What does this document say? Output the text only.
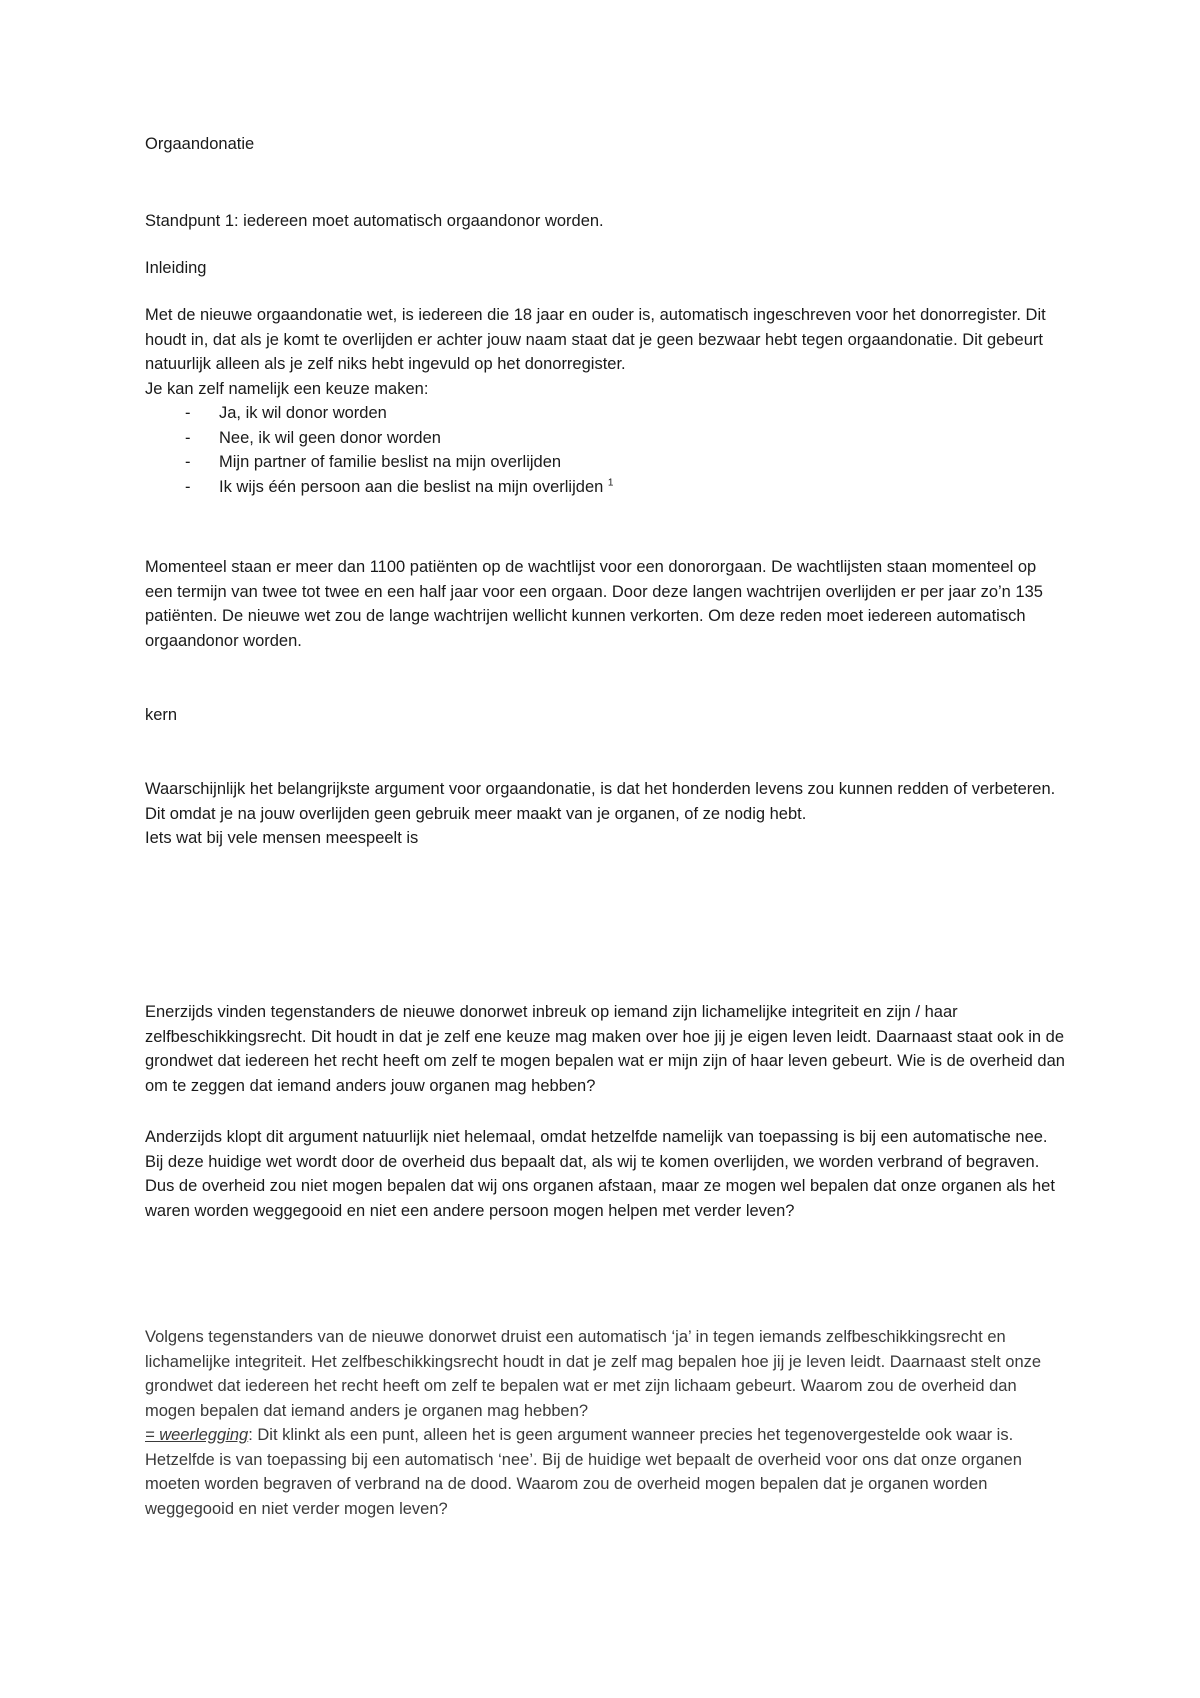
Orgaandonatie

Standpunt 1: iedereen moet automatisch orgaandonor worden.

Inleiding

Met de nieuwe orgaandonatie wet, is iedereen die 18 jaar en ouder is, automatisch ingeschreven voor het donorregister. Dit houdt in, dat als je komt te overlijden er achter jouw naam staat dat je geen bezwaar hebt tegen orgaandonatie. Dit gebeurt natuurlijk alleen als je zelf niks hebt ingevuld op het donorregister.

Je kan zelf namelijk een keuze maken:

- Ja, ik wil donor worden
- Nee, ik wil geen donor worden
- Mijn partner of familie beslist na mijn overlijden
- Ik wijs één persoon aan die beslist na mijn overlijden $^1$

Momenteel staan er meer dan 1100 patiënten op de wachtlijst voor een donororgaan. De wachtlijsten staan momenteel op een termijn van twee tot twee en een half jaar voor een orgaan. Door deze langen wachtrijen overlijden er per jaar zo’n 135 patiënten. De nieuwe wet zou de lange wachtrijen wellicht kunnen verkorten. Om deze reden moet iedereen automatisch orgaandonor worden.

kern

Waarschijnlijk het belangrijkste argument voor orgaandonatie, is dat het honderden levens zou kunnen redden of verbeteren. Dit omdat je na jouw overlijden geen gebruik meer maakt van je organen, of ze nodig hebt.

Iets wat bij vele mensen meespeelt is

Enerzijds vinden tegenstanders de nieuwe donorwet inbreuk op iemand zijn lichamelijke integriteit en zijn / haar zelfbeschikkingsrecht. Dit houdt in dat je zelf ene keuze mag maken over hoe jij je eigen leven leidt. Daarnaast staat ook in de grondwet dat iedereen het recht heeft om zelf te mogen bepalen wat er mijn zijn of haar leven gebeurt. Wie is de overheid dan om te zeggen dat iemand anders jouw organen mag hebben?

Anderzijds klopt dit argument natuurlijk niet helemaal, omdat hetzelfde namelijk van toepassing is bij een automatische nee. Bij deze huidige wet wordt door de overheid dus bepaalt dat, als wij te komen overlijden, we worden verbrand of begraven. Dus de overheid zou niet mogen bepalen dat wij ons organen afstaan, maar ze mogen wel bepalen dat onze organen als het waren worden weggegooid en niet een andere persoon mogen helpen met verder leven?

Volgens tegenstanders van de nieuwe donorwet druist een automatisch ‘ja’ in tegen iemands zelfbeschikkingsrecht en lichamelijke integriteit. Het zelfbeschikkingsrecht houdt in dat je zelf mag bepalen hoe jij je leven leidt. Daarnaast stelt onze grondwet dat iedereen het recht heeft om zelf te bepalen wat er met zijn lichaam gebeurt. Waarom zou de overheid dan mogen bepalen dat iemand anders je organen mag hebben?

= weerlegging: Dit klinkt als een punt, alleen het is geen argument wanneer precies het tegenovergestelde ook waar is. Hetzelfde is van toepassing bij een automatisch ‘nee’. Bij de huidige wet bepaalt de overheid voor ons dat onze organen moeten worden begraven of verbrand na de dood. Waarom zou de overheid mogen bepalen dat je organen worden weggegooid en niet verder mogen leven?
